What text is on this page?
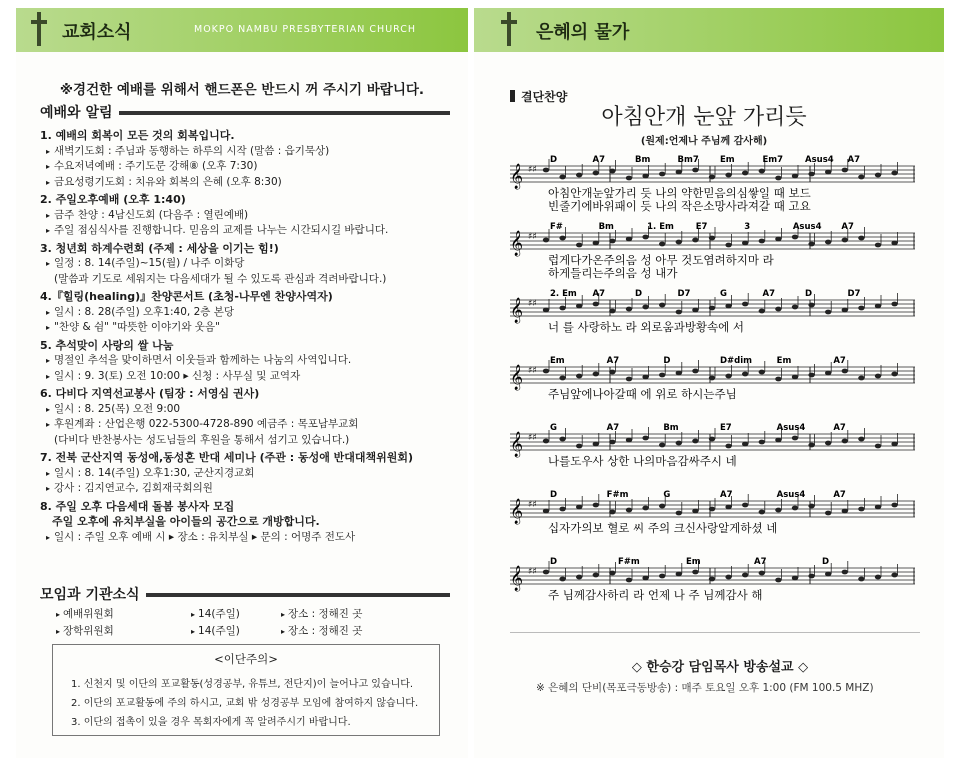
교회소식	MOKPO NAMBU PRESBYTERIAN CHURCH
※경건한 예배를 위해서 핸드폰은 반드시 꺼 주시기 바랍니다.
예배와 알림
1. 예배의 회복이 모든 것의 회복입니다.
▸ 새벽기도회 : 주님과 동행하는 하루의 시작 (말씀 : 읍기묵상)
▸ 수요저녁예배 : 주기도문 강해⑧ (오후 7:30)
▸ 금요성령기도회 : 치유와 회복의 은혜 (오후 8:30)
2. 주일오후예배 (오후 1:40)
▸ 금주 찬양 : 4남신도회 (다음주 : 열린예배)
▸ 주일 점심식사를 진행합니다. 믿음의 교제를 나누는 시간되시길 바랍니다.
3. 청년회 하계수련회 (주제 : 세상을 이기는 힘!)
▸ 일정 : 8. 14(주일)~15(월) / 나주 이화당
(말씀과 기도로 세워지는 다음세대가 될 수 있도록 관심과 격려바랍니다.)
4.『힐링(healing)』찬양콘서트 (초청-나무엔 찬양사역자)
▸ 일시 : 8. 28(주일) 오후1:40, 2층 본당
▸ "찬양 & 쉼" "따뜻한 이야기와 웃음"
5. 추석맞이 사랑의 쌀 나눔
▸ 명절인 추석을 맞이하면서 이웃들과 함께하는 나눔의 사역입니다.
▸ 일시 : 9. 3(토) 오전 10:00 ▸ 신청 : 사무실 및 교역자
6. 다비다 지역선교봉사 (팀장 : 서영심 권사)
▸ 일시 : 8. 25(목) 오전 9:00
▸ 후원계좌 : 산업은행 022-5300-4728-890 예금주 : 목포남부교회
(다비다 반찬봉사는 성도님들의 후원을 통해서 섬기고 있습니다.)
7. 전북 군산지역 동성애,동성혼 반대 세미나 (주관 : 동성애 반대대책위원회)
▸ 일시 : 8. 14(주일) 오후1:30, 군산지경교회
▸ 강사 : 김지연교수, 김회재국회의원
8. 주일 오후 다음세대 돌봄 봉사자 모집
주일 오후에 유치부실을 아이들의 공간으로 개방합니다.
▸ 일시 : 주일 오후 예배 시 ▸ 장소 : 유치부실 ▸ 문의 : 어명주 전도사
모임과 기관소식
▸ 예배위원회	▸ 14(주일)	▸ 장소 : 정해진 곳
▸ 장학위원회	▸ 14(주일)	▸ 장소 : 정해진 곳
<이단주의>
1. 신천지 및 이단의 포교활동(성경공부, 유튜브, 전단지)이 늘어나고 있습니다.
2. 이단의 포교활동에 주의 하시고, 교회 밖 성경공부 모임에 참여하지 않습니다.
3. 이단의 접촉이 있을 경우 목회자에게 꼭 알려주시기 바랍니다.
은혜의 물가
결단찬양
아침안개 눈앞 가리듯
(원제:언제나 주님께 감사해)
𝄞 ♯♯
D	A7	Bm	Bm7	Em	Em7	Asus4 A7
아침안개눈앞가리 듯 나의 약한믿음의심쌓일 때 보드
빈줄기에바위패이 듯 나의 작은소망사라져갈 때 고요
𝄞 ♯♯
F#	Bm	1. Em	E7	3	Asus4 A7
럽게다가온주의음 성 아무 것도염려하지마 라
하게들리는주의음 성 내가
𝄞 ♯♯
2. Em A7	D	D7	G	A7	D	D7
너 를 사랑하노 라 외로움과방황속에 서
𝄞 ♯♯
Em	A7	D	D#dim	Em	A7
주님앞에나아갈때 에 위로 하시는주님
𝄞 ♯♯
G	A7	Bm	E7	Asus4	A7
나를도우사 상한 나의마음감싸주시 네
𝄞 ♯♯
D	F#m	G	A7	Asus4	A7
십자가의보 혈로 씨 주의 크신사랑알게하셨 네
𝄞 ♯♯
D	F#m	Em	A7	D
주 님께감사하리 라 언제 나 주 님께감사 해
◇ 한승강 담임목사 방송설교 ◇
※ 은혜의 단비(목포극동방송) : 매주 토요일 오후 1:00 (FM 100.5 MHZ)
